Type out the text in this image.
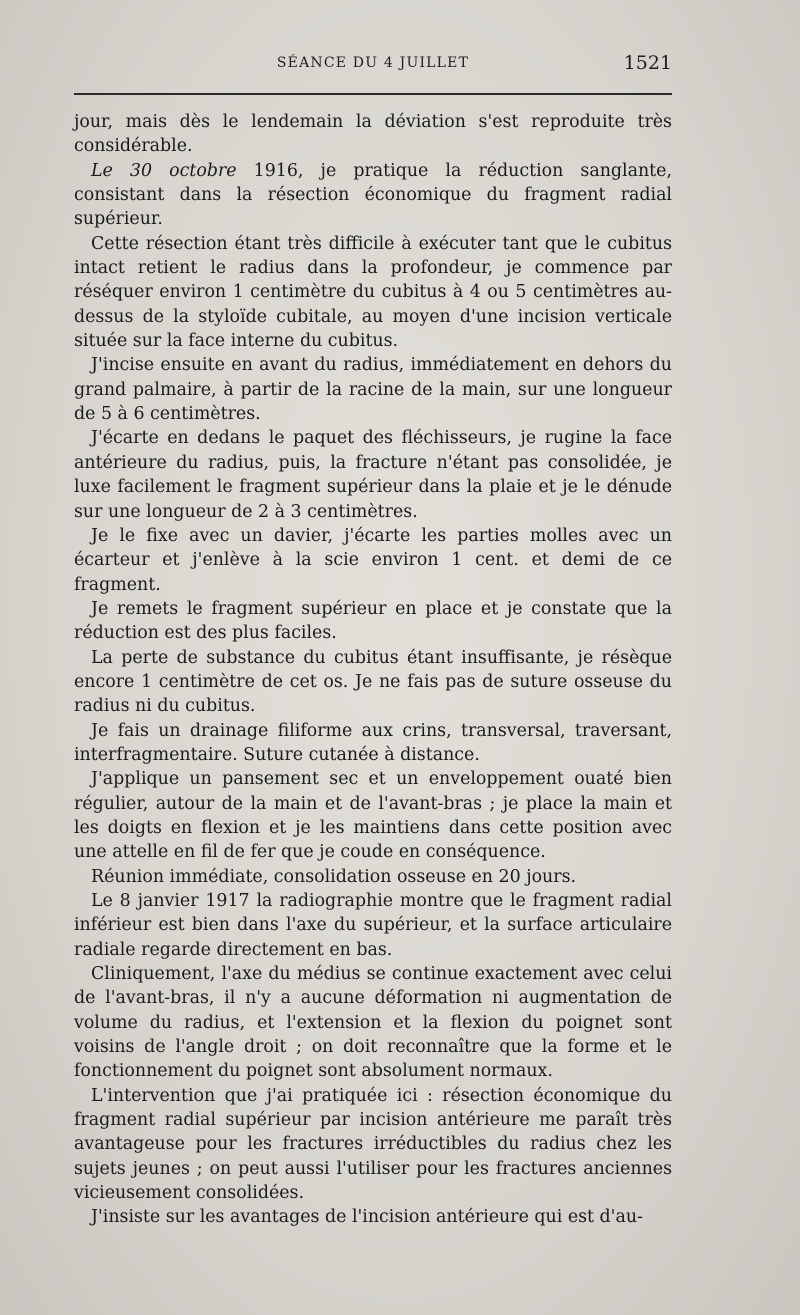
SÉANCE DU 4 JUILLET	1521

jour, mais dès le lendemain la déviation s'est reproduite très considérable.

Le 30 octobre 1916, je pratique la réduction sanglante, consistant dans la résection économique du fragment radial supérieur.

Cette résection étant très difficile à exécuter tant que le cubitus intact retient le radius dans la profondeur, je commence par réséquer environ 1 centimètre du cubitus à 4 ou 5 centimètres au-dessus de la styloïde cubitale, au moyen d'une incision verticale située sur la face interne du cubitus.

J'incise ensuite en avant du radius, immédiatement en dehors du grand palmaire, à partir de la racine de la main, sur une longueur de 5 à 6 centimètres.

J'écarte en dedans le paquet des fléchisseurs, je rugine la face antérieure du radius, puis, la fracture n'étant pas consolidée, je luxe facilement le fragment supérieur dans la plaie et je le dénude sur une longueur de 2 à 3 centimètres.

Je le fixe avec un davier, j'écarte les parties molles avec un écarteur et j'enlève à la scie environ 1 cent. et demi de ce fragment.

Je remets le fragment supérieur en place et je constate que la réduction est des plus faciles.

La perte de substance du cubitus étant insuffisante, je résèque encore 1 centimètre de cet os. Je ne fais pas de suture osseuse du radius ni du cubitus.

Je fais un drainage filiforme aux crins, transversal, traversant, interfragmentaire. Suture cutanée à distance.

J'applique un pansement sec et un enveloppement ouaté bien régulier, autour de la main et de l'avant-bras ; je place la main et les doigts en flexion et je les maintiens dans cette position avec une attelle en fil de fer que je coude en conséquence.

Réunion immédiate, consolidation osseuse en 20 jours.

Le 8 janvier 1917 la radiographie montre que le fragment radial inférieur est bien dans l'axe du supérieur, et la surface articulaire radiale regarde directement en bas.

Cliniquement, l'axe du médius se continue exactement avec celui de l'avant-bras, il n'y a aucune déformation ni augmentation de volume du radius, et l'extension et la flexion du poignet sont voisins de l'angle droit ; on doit reconnaître que la forme et le fonctionnement du poignet sont absolument normaux.

L'intervention que j'ai pratiquée ici : résection économique du fragment radial supérieur par incision antérieure me paraît très avantageuse pour les fractures irréductibles du radius chez les sujets jeunes ; on peut aussi l'utiliser pour les fractures anciennes vicieusement consolidées.

J'insiste sur les avantages de l'incision antérieure qui est d'au-
